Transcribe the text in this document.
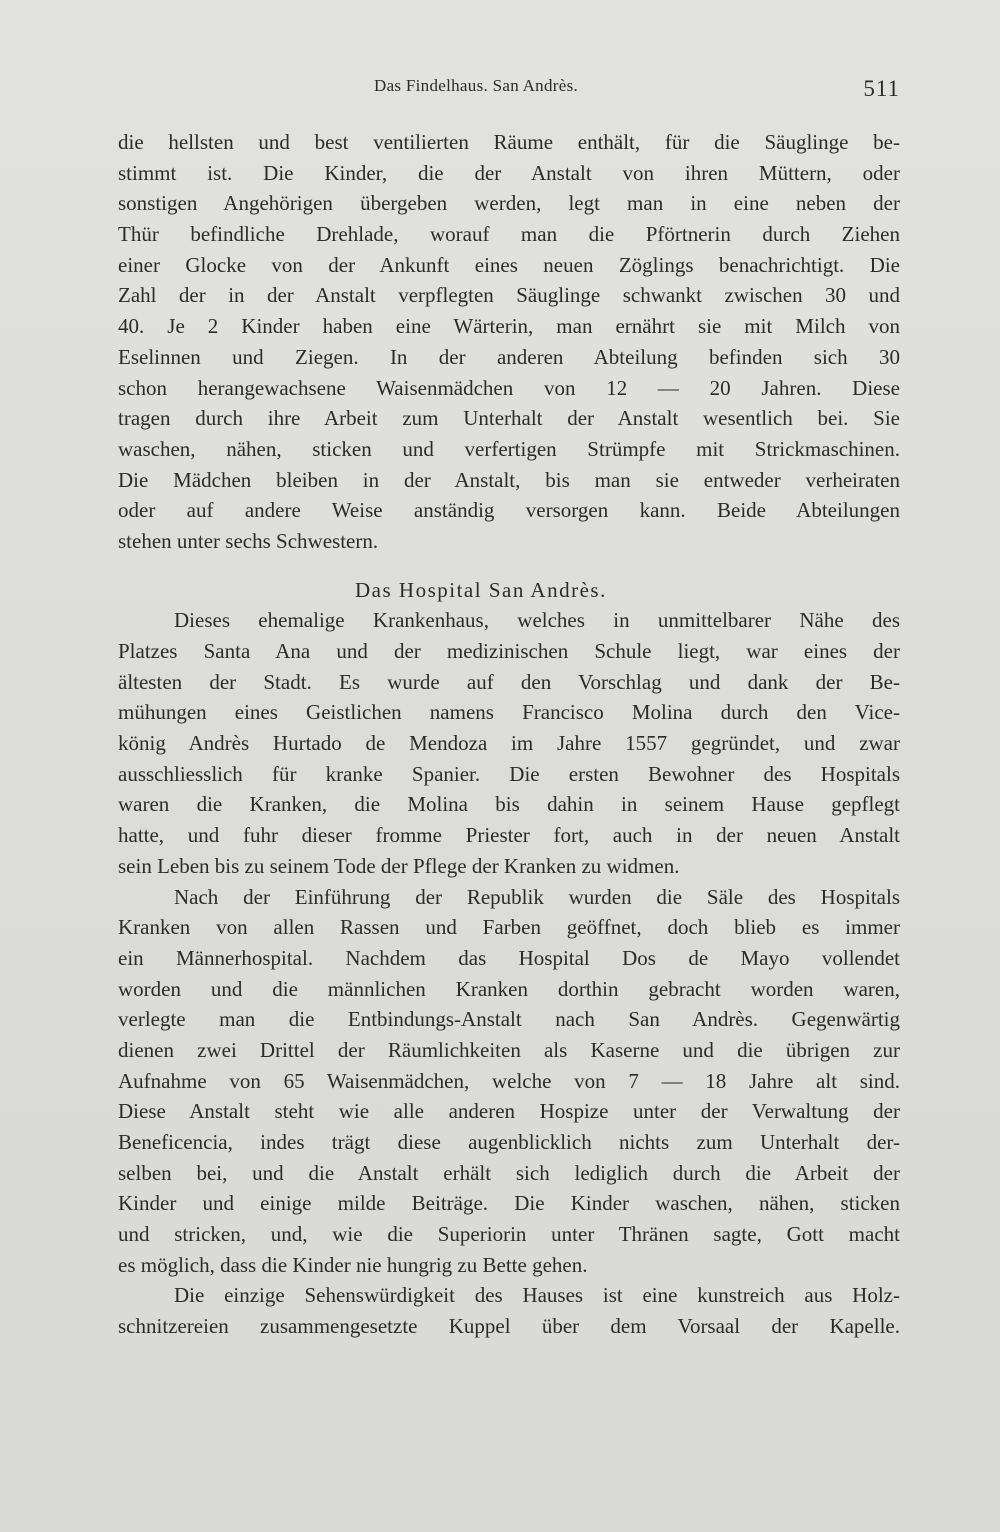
Das Findelhaus. San Andrès.	511
die hellsten und best ventilierten Räume enthält, für die Säuglinge be-
stimmt ist. Die Kinder, die der Anstalt von ihren Müttern, oder
sonstigen Angehörigen übergeben werden, legt man in eine neben der
Thür befindliche Drehlade, worauf man die Pförtnerin durch Ziehen
einer Glocke von der Ankunft eines neuen Zöglings benachrichtigt. Die
Zahl der in der Anstalt verpflegten Säuglinge schwankt zwischen 30 und
40. Je 2 Kinder haben eine Wärterin, man ernährt sie mit Milch von
Eselinnen und Ziegen. In der anderen Abteilung befinden sich 30
schon herangewachsene Waisenmädchen von 12 — 20 Jahren. Diese
tragen durch ihre Arbeit zum Unterhalt der Anstalt wesentlich bei. Sie
waschen, nähen, sticken und verfertigen Strümpfe mit Strickmaschinen.
Die Mädchen bleiben in der Anstalt, bis man sie entweder verheiraten
oder auf andere Weise anständig versorgen kann. Beide Abteilungen
stehen unter sechs Schwestern.
Das Hospital San Andrès.
Dieses ehemalige Krankenhaus, welches in unmittelbarer Nähe des
Platzes Santa Ana und der medizinischen Schule liegt, war eines der
ältesten der Stadt. Es wurde auf den Vorschlag und dank der Be-
mühungen eines Geistlichen namens Francisco Molina durch den Vice-
könig Andrès Hurtado de Mendoza im Jahre 1557 gegründet, und zwar
ausschliesslich für kranke Spanier. Die ersten Bewohner des Hospitals
waren die Kranken, die Molina bis dahin in seinem Hause gepflegt
hatte, und fuhr dieser fromme Priester fort, auch in der neuen Anstalt
sein Leben bis zu seinem Tode der Pflege der Kranken zu widmen.
Nach der Einführung der Republik wurden die Säle des Hospitals
Kranken von allen Rassen und Farben geöffnet, doch blieb es immer
ein Männerhospital. Nachdem das Hospital Dos de Mayo vollendet
worden und die männlichen Kranken dorthin gebracht worden waren,
verlegte man die Entbindungs-Anstalt nach San Andrès. Gegenwärtig
dienen zwei Drittel der Räumlichkeiten als Kaserne und die übrigen zur
Aufnahme von 65 Waisenmädchen, welche von 7 — 18 Jahre alt sind.
Diese Anstalt steht wie alle anderen Hospize unter der Verwaltung der
Beneficencia, indes trägt diese augenblicklich nichts zum Unterhalt der-
selben bei, und die Anstalt erhält sich lediglich durch die Arbeit der
Kinder und einige milde Beiträge. Die Kinder waschen, nähen, sticken
und stricken, und, wie die Superiorin unter Thränen sagte, Gott macht
es möglich, dass die Kinder nie hungrig zu Bette gehen.
Die einzige Sehenswürdigkeit des Hauses ist eine kunstreich aus Holz-
schnitzereien zusammengesetzte Kuppel über dem Vorsaal der Kapelle.
